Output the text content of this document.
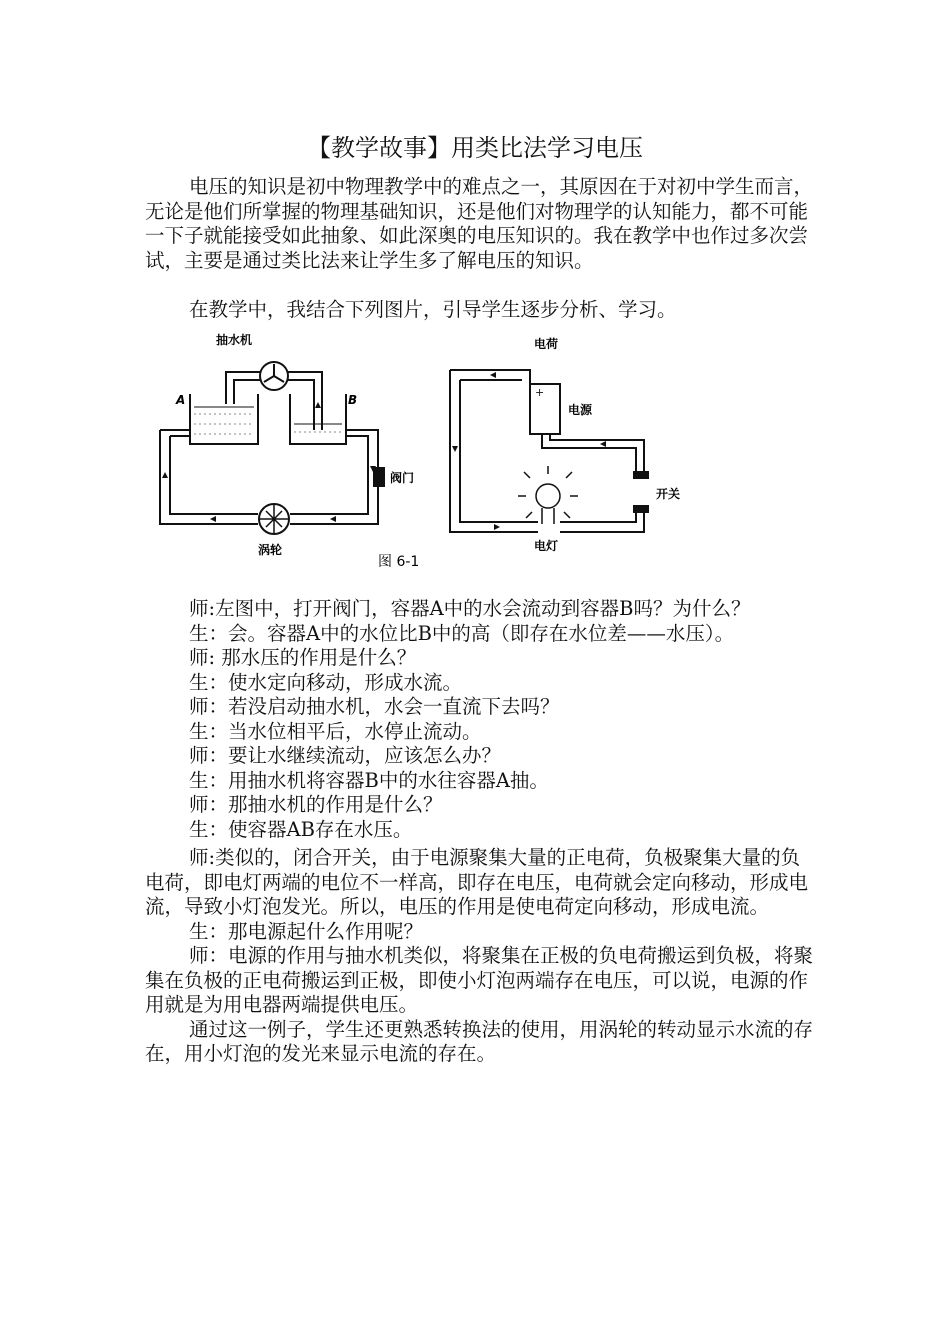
【教学故事】用类比法学习电压

电压的知识是初中物理教学中的难点之一，其原因在于对初中学生而言，无论是他们所掌握的物理基础知识，还是他们对物理学的认知能力，都不可能一下子就能接受如此抽象、如此深奥的电压知识的。我在教学中也作过多次尝试，主要是通过类比法来让学生多了解电压的知识。

在教学中，我结合下列图片，引导学生逐步分析、学习。

抽水机
A	B
阀门
涡轮
+
电荷
电源
开关
电灯
图 6-1
师:左图中，打开阀门，容器A中的水会流动到容器B吗？为什么？
生：会。容器A中的水位比B中的高（即存在水位差——水压）。
师: 那水压的作用是什么？
生：使水定向移动，形成水流。
师：若没启动抽水机，水会一直流下去吗？
生：当水位相平后，水停止流动。
师：要让水继续流动，应该怎么办？
生：用抽水机将容器B中的水往容器A抽。
师：那抽水机的作用是什么？
生：使容器AB存在水压。
师:类似的，闭合开关，由于电源聚集大量的正电荷，负极聚集大量的负电荷，即电灯两端的电位不一样高，即存在电压，电荷就会定向移动，形成电流，导致小灯泡发光。所以，电压的作用是使电荷定向移动，形成电流。
生：那电源起什么作用呢？
师：电源的作用与抽水机类似，将聚集在正极的负电荷搬运到负极，将聚集在负极的正电荷搬运到正极，即使小灯泡两端存在电压，可以说，电源的作用就是为用电器两端提供电压。
通过这一例子，学生还更熟悉转换法的使用，用涡轮的转动显示水流的存在，用小灯泡的发光来显示电流的存在。
